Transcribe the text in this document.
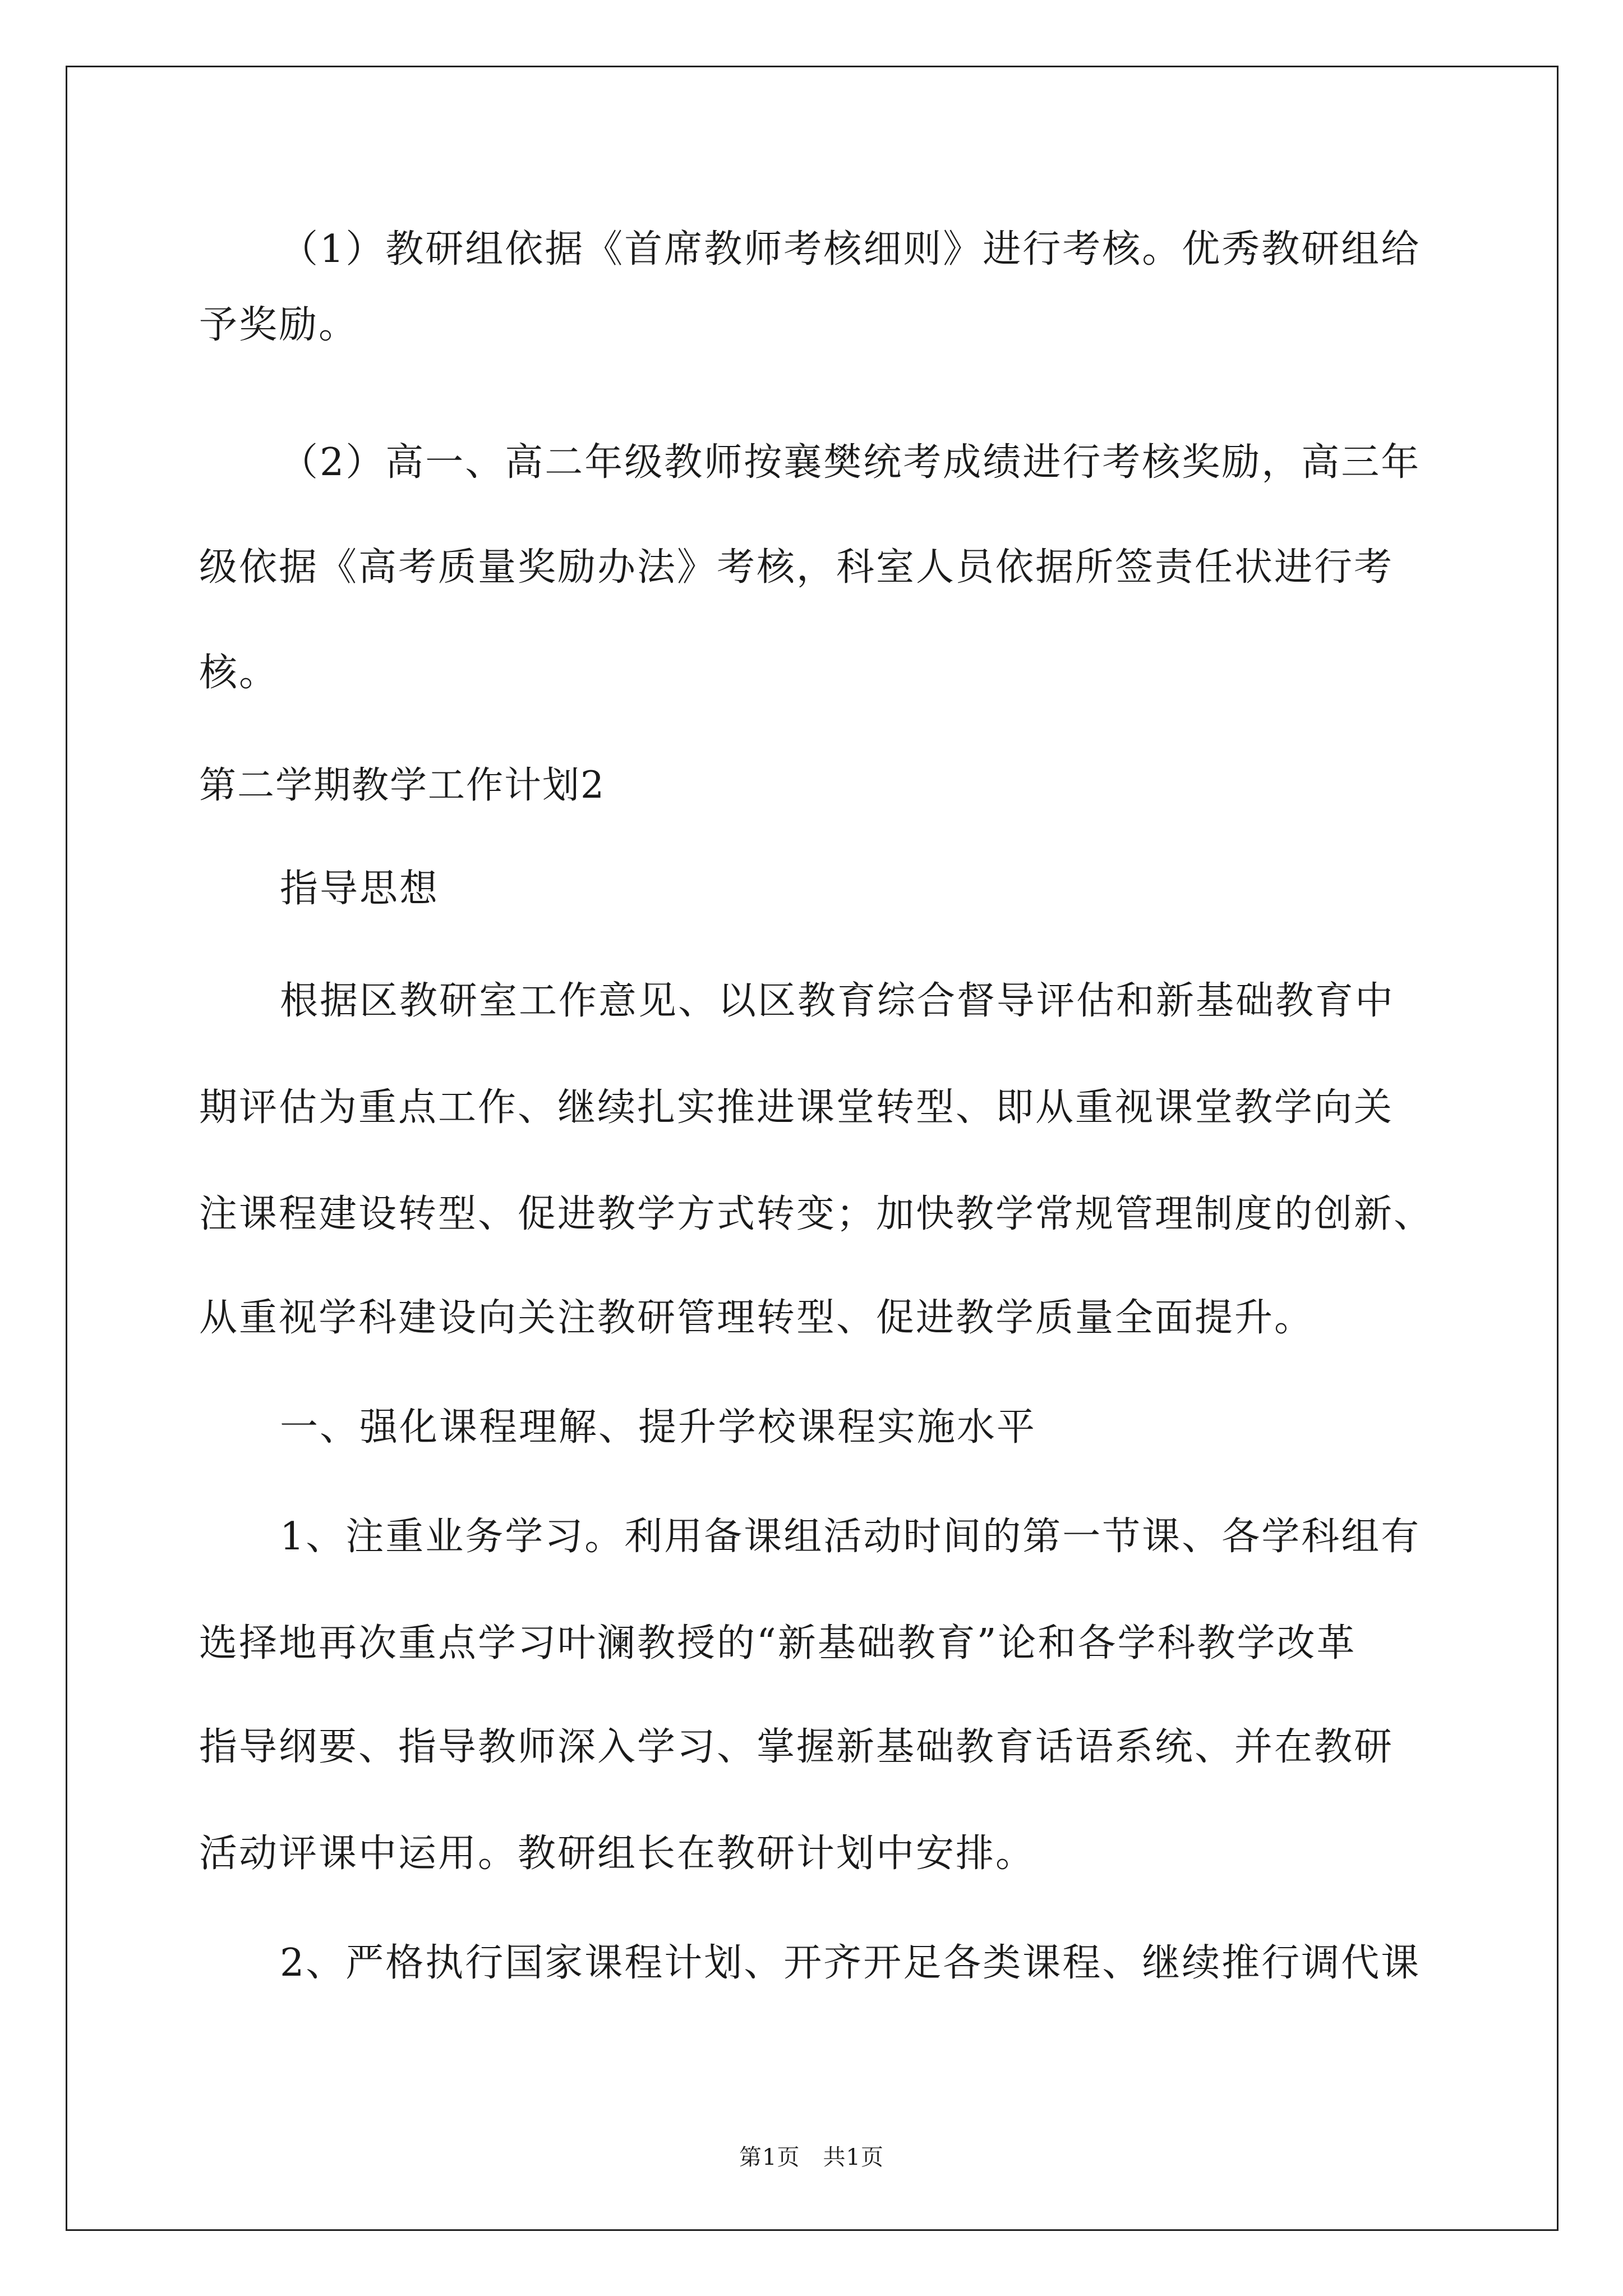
（1）教研组依据《首席教师考核细则》进行考核。优秀教研组给
予奖励。
（2）高一、高二年级教师按襄樊统考成绩进行考核奖励，高三年
级依据《高考质量奖励办法》考核，科室人员依据所签责任状进行考
核。
第二学期教学工作计划2
指导思想
根据区教研室工作意见、以区教育综合督导评估和新基础教育中
期评估为重点工作、继续扎实推进课堂转型、即从重视课堂教学向关
注课程建设转型、促进教学方式转变；加快教学常规管理制度的创新、
从重视学科建设向关注教研管理转型、促进教学质量全面提升。
一、强化课程理解、提升学校课程实施水平
1、注重业务学习。利用备课组活动时间的第一节课、各学科组有
选择地再次重点学习叶澜教授的“新基础教育”论和各学科教学改革
指导纲要、指导教师深入学习、掌握新基础教育话语系统、并在教研
活动评课中运用。教研组长在教研计划中安排。
2、严格执行国家课程计划、开齐开足各类课程、继续推行调代课
第1页　共1页
